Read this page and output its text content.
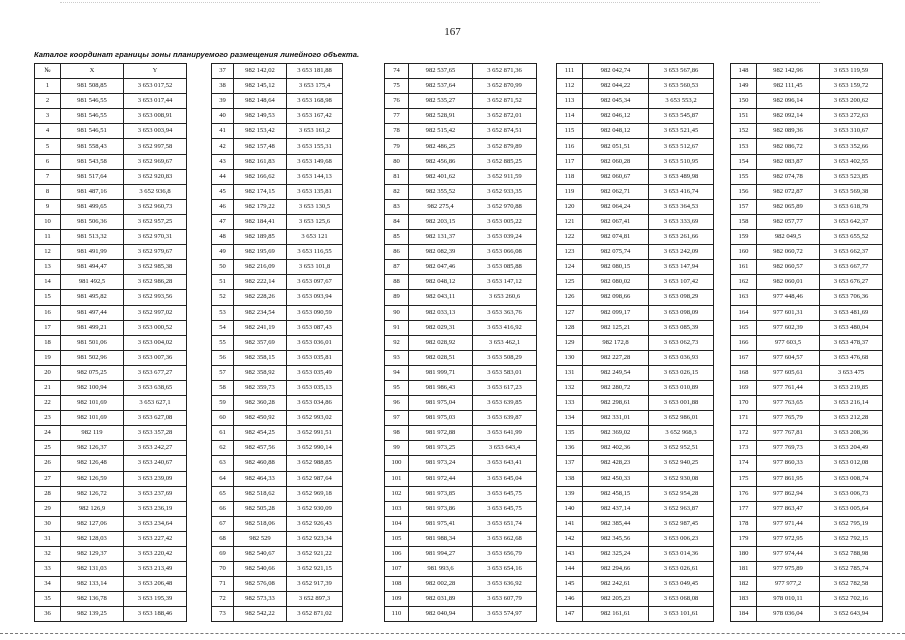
167
Каталог координат границы зоны планируемого размещения линейного объекта.
№	X	Y
1	981 508,85	3 653 017,52
2	981 546,55	3 653 017,44
3	981 546,55	3 653 008,91
4	981 546,51	3 653 003,94
5	981 558,43	3 652 997,58
6	981 543,58	3 652 969,67
7	981 517,64	3 652 920,83
8	981 487,16	3 652 936,8
9	981 499,65	3 652 960,73
10	981 506,36	3 652 957,25
11	981 513,32	3 652 970,31
12	981 491,99	3 652 979,67
13	981 494,47	3 652 985,38
14	981 492,5	3 652 986,28
15	981 495,82	3 652 993,56
16	981 497,44	3 652 997,02
17	981 499,21	3 653 000,52
18	981 501,06	3 653 004,02
19	981 502,96	3 653 007,36
20	982 075,25	3 653 677,27
21	982 100,94	3 653 638,65
22	982 101,69	3 653 627,1
23	982 101,69	3 653 627,08
24	982 119	3 653 357,28
25	982 126,37	3 653 242,27
26	982 126,48	3 653 240,67
27	982 126,59	3 653 239,09
28	982 126,72	3 653 237,69
29	982 126,9	3 653 236,19
30	982 127,06	3 653 234,64
31	982 128,03	3 653 227,42
32	982 129,37	3 653 220,42
33	982 131,03	3 653 213,49
34	982 133,14	3 653 206,48
35	982 136,78	3 653 195,39
36	982 139,25	3 653 188,46
37	982 142,02	3 653 181,88
38	982 145,12	3 653 175,4
39	982 148,64	3 653 168,98
40	982 149,53	3 653 167,42
41	982 153,42	3 653 161,2
42	982 157,48	3 653 155,31
43	982 161,83	3 653 149,68
44	982 166,62	3 653 144,13
45	982 174,15	3 653 135,81
46	982 179,22	3 653 130,5
47	982 184,41	3 653 125,6
48	982 189,85	3 653 121
49	982 195,69	3 653 116,55
50	982 216,09	3 653 101,8
51	982 222,14	3 653 097,67
52	982 228,26	3 653 093,94
53	982 234,54	3 653 090,59
54	982 241,19	3 653 087,43
55	982 357,69	3 653 036,01
56	982 358,15	3 653 035,81
57	982 358,92	3 653 035,49
58	982 359,73	3 653 035,13
59	982 360,28	3 653 034,86
60	982 450,92	3 652 993,02
61	982 454,25	3 652 991,51
62	982 457,56	3 652 990,14
63	982 460,88	3 652 988,85
64	982 464,33	3 652 987,64
65	982 518,62	3 652 969,18
66	982 505,28	3 652 930,09
67	982 518,06	3 652 926,43
68	982 529	3 652 923,34
69	982 540,67	3 652 921,22
70	982 540,66	3 652 921,15
71	982 576,08	3 652 917,39
72	982 573,33	3 652 897,3
73	982 542,22	3 652 871,02
74	982 537,65	3 652 871,36
75	982 537,64	3 652 870,99
76	982 535,27	3 652 871,52
77	982 528,91	3 652 872,01
78	982 515,42	3 652 874,51
79	982 486,25	3 652 879,89
80	982 456,86	3 652 885,25
81	982 401,62	3 652 911,59
82	982 355,52	3 652 933,35
83	982 275,4	3 652 970,88
84	982 203,15	3 653 005,22
85	982 131,37	3 653 039,24
86	982 082,39	3 653 066,08
87	982 047,46	3 653 085,88
88	982 048,12	3 653 147,12
89	982 043,11	3 653 260,6
90	982 033,13	3 653 363,76
91	982 029,31	3 653 416,92
92	982 028,92	3 653 462,1
93	982 028,51	3 653 508,29
94	981 999,71	3 653 583,01
95	981 986,43	3 653 617,23
96	981 975,04	3 653 639,85
97	981 975,03	3 653 639,87
98	981 972,88	3 653 641,99
99	981 973,25	3 653 643,4
100	981 973,24	3 653 643,41
101	981 972,44	3 653 645,04
102	981 973,85	3 653 645,75
103	981 973,86	3 653 645,75
104	981 975,41	3 653 651,74
105	981 988,34	3 653 662,68
106	981 994,27	3 653 656,79
107	981 993,6	3 653 654,16
108	982 002,28	3 653 636,92
109	982 031,89	3 653 607,79
110	982 040,94	3 653 574,97
111	982 042,74	3 653 567,86
112	982 044,22	3 653 560,53
113	982 045,34	3 653 553,2
114	982 046,12	3 653 545,87
115	982 048,12	3 653 521,45
116	982 051,51	3 653 512,67
117	982 060,28	3 653 510,95
118	982 060,67	3 653 489,98
119	982 062,71	3 653 416,74
120	982 064,24	3 653 364,53
121	982 067,41	3 653 333,69
122	982 074,81	3 653 261,66
123	982 075,74	3 653 242,09
124	982 080,15	3 653 147,94
125	982 080,02	3 653 107,42
126	982 098,66	3 653 098,29
127	982 099,17	3 653 098,09
128	982 125,21	3 653 085,39
129	982 172,8	3 653 062,73
130	982 227,28	3 653 036,93
131	982 249,54	3 653 026,15
132	982 280,72	3 653 010,89
133	982 298,61	3 653 001,88
134	982 331,01	3 652 986,01
135	982 369,02	3 652 968,3
136	982 402,36	3 652 952,51
137	982 428,23	3 652 940,25
138	982 450,33	3 652 930,08
139	982 458,15	3 652 954,28
140	982 437,14	3 652 963,87
141	982 385,44	3 652 987,45
142	982 345,56	3 653 006,23
143	982 325,24	3 653 014,36
144	982 294,66	3 653 026,61
145	982 242,61	3 653 049,45
146	982 205,23	3 653 068,08
147	982 161,61	3 653 101,61
148	982 142,96	3 653 119,59
149	982 111,45	3 653 159,72
150	982 096,14	3 653 200,62
151	982 092,14	3 653 272,63
152	982 089,36	3 653 310,67
153	982 086,72	3 653 352,66
154	982 083,87	3 653 402,55
155	982 074,78	3 653 523,85
156	982 072,87	3 653 569,38
157	982 065,89	3 653 618,79
158	982 057,77	3 653 642,37
159	982 049,5	3 653 655,52
160	982 060,72	3 653 662,37
161	982 060,57	3 653 667,77
162	982 060,01	3 653 676,27
163	977 448,46	3 653 706,36
164	977 601,31	3 653 481,69
165	977 602,39	3 653 480,04
166	977 603,5	3 653 478,37
167	977 604,57	3 653 476,68
168	977 605,61	3 653 475
169	977 761,44	3 653 219,85
170	977 763,65	3 653 216,14
171	977 765,79	3 653 212,28
172	977 767,81	3 653 208,36
173	977 769,73	3 653 204,49
174	977 860,33	3 653 012,08
175	977 861,95	3 653 008,74
176	977 862,94	3 653 006,73
177	977 863,47	3 653 005,64
178	977 971,44	3 652 795,19
179	977 972,95	3 652 792,15
180	977 974,44	3 652 788,98
181	977 975,89	3 652 785,74
182	977 977,2	3 652 782,58
183	978 010,11	3 652 702,16
184	978 036,04	3 652 643,94
